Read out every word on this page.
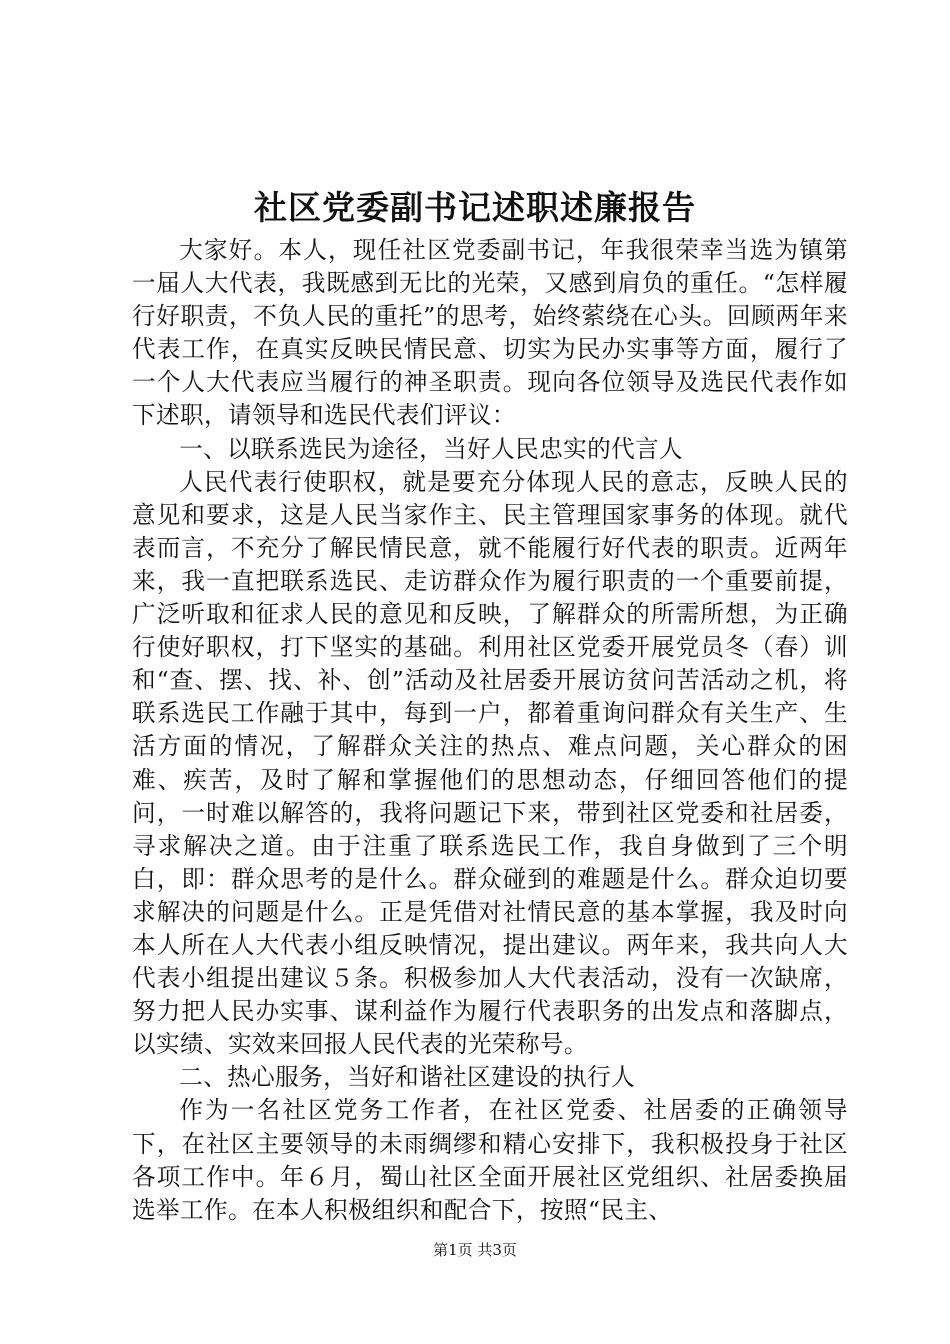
社区党委副书记述职述廉报告

大家好。本人，现任社区党委副书记，年我很荣幸当选为镇第一届人大代表，我既感到无比的光荣，又感到肩负的重任。“怎样履行好职责，不负人民的重托”的思考，始终萦绕在心头。回顾两年来代表工作，在真实反映民情民意、切实为民办实事等方面，履行了一个人大代表应当履行的神圣职责。现向各位领导及选民代表作如下述职，请领导和选民代表们评议：

一、以联系选民为途径，当好人民忠实的代言人

人民代表行使职权，就是要充分体现人民的意志，反映人民的意见和要求，这是人民当家作主、民主管理国家事务的体现。就代表而言，不充分了解民情民意，就不能履行好代表的职责。近两年来，我一直把联系选民、走访群众作为履行职责的一个重要前提，广泛听取和征求人民的意见和反映，了解群众的所需所想，为正确行使好职权，打下坚实的基础。利用社区党委开展党员冬（春）训和“查、摆、找、补、创”活动及社居委开展访贫问苦活动之机，将联系选民工作融于其中，每到一户，都着重询问群众有关生产、生活方面的情况，了解群众关注的热点、难点问题，关心群众的困难、疾苦，及时了解和掌握他们的思想动态，仔细回答他们的提问，一时难以解答的，我将问题记下来，带到社区党委和社居委，寻求解决之道。由于注重了联系选民工作，我自身做到了三个明白，即：群众思考的是什么。群众碰到的难题是什么。群众迫切要求解决的问题是什么。正是凭借对社情民意的基本掌握，我及时向本人所在人大代表小组反映情况，提出建议。两年来，我共向人大代表小组提出建议５条。积极参加人大代表活动，没有一次缺席，努力把人民办实事、谋利益作为履行代表职务的出发点和落脚点，以实绩、实效来回报人民代表的光荣称号。

二、热心服务，当好和谐社区建设的执行人

作为一名社区党务工作者，在社区党委、社居委的正确领导下，在社区主要领导的未雨绸缪和精心安排下，我积极投身于社区各项工作中。年６月，蜀山社区全面开展社区党组织、社居委换届选举工作。在本人积极组织和配合下，按照“民主、

第1页 共3页
